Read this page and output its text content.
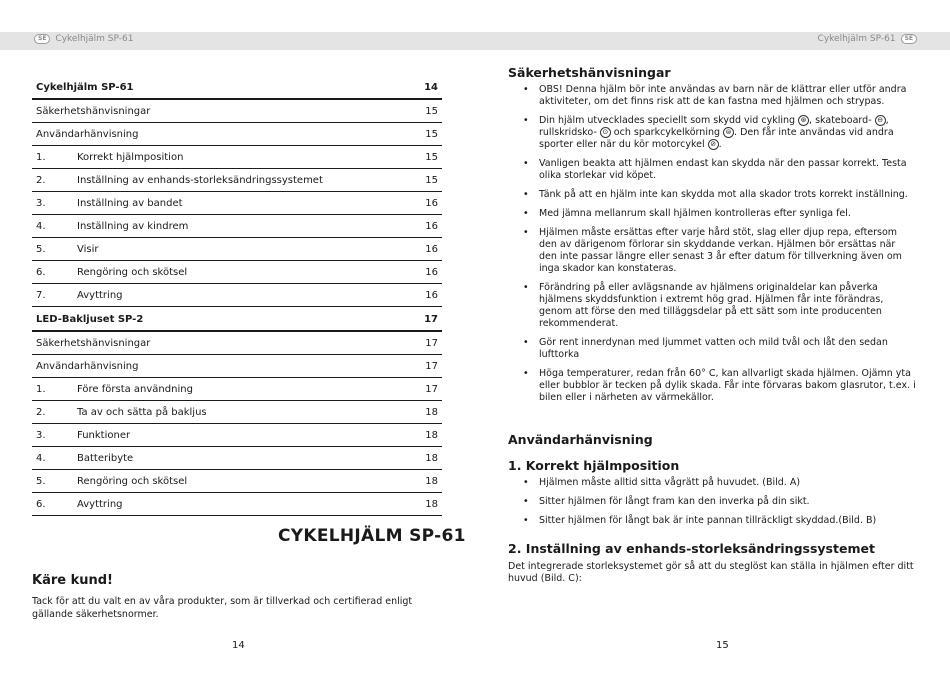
SE	Cykelhjälm SP-61	Cykelhjälm SP-61	SE
Cykelhjälm SP-61	14
Säkerhetshänvisningar	15
Användarhänvisning	15
1.	Korrekt hjälmposition	15
2.	Inställning av enhands-storleksändringssystemet	15
3.	Inställning av bandet	16
4.	Inställning av kindrem	16
5.	Visir	16
6.	Rengöring och skötsel	16
7.	Avyttring	16
LED-Bakljuset SP-2	17
Säkerhetshänvisningar	17
Användarhänvisning	17
1.	Före första användning	17
2.	Ta av och sätta på bakljus	18
3.	Funktioner	18
4.	Batteribyte	18
5.	Rengöring och skötsel	18
6.	Avyttring	18
CYKELHJÄLM SP-61
Käre kund!
Tack för att du valt en av våra produkter, som är tillverkad och certifierad enligt gällande säkerhetsnormer.
14
Säkerhetshänvisningar
• OBS! Denna hjälm bör inte användas av barn när de klättrar eller utför andra aktiviteter, om det finns risk att de kan fastna med hjälmen och strypas.
• Din hjälm utvecklades speciellt som skydd vid cykling ⊛ , skateboard- ⊖ , rullskridsko- ⊙ och sparkcykelkörning ⊜ . Den får inte användas vid andra sporter eller när du kör motorcykel ⊘ .
• Vanligen beakta att hjälmen endast kan skydda när den passar korrekt. Testa olika storlekar vid köpet.
• Tänk på att en hjälm inte kan skydda mot alla skador trots korrekt inställning.
• Med jämna mellanrum skall hjälmen kontrolleras efter synliga fel.
• Hjälmen måste ersättas efter varje hård stöt, slag eller djup repa, eftersom den av därigenom förlorar sin skyddande verkan. Hjälmen bör ersättas när den inte passar längre eller senast 3 år efter datum för tillverkning även om inga skador kan konstateras.
• Förändring på eller avlägsnande av hjälmens originaldelar kan påverka hjälmens skyddsfunktion i extremt hög grad. Hjälmen får inte förändras, genom att förse den med tilläggsdelar på ett sätt som inte producenten rekommenderat.
• Gör rent innerdynan med ljummet vatten och mild tvål och låt den sedan lufttorka
• Höga temperaturer, redan från 60° C, kan allvarligt skada hjälmen. Ojämn yta eller bubblor är tecken på dylik skada. Får inte förvaras bakom glasrutor, t.ex. i bilen eller i närheten av värmekällor.
Användarhänvisning
1. Korrekt hjälmposition
• Hjälmen måste alltid sitta vågrätt på huvudet. (Bild. A)
• Sitter hjälmen för långt fram kan den inverka på din sikt.
• Sitter hjälmen för långt bak är inte pannan tillräckligt skyddad.(Bild. B)
2. Inställning av enhands-storleksändringssystemet
Det integrerade storleksystemet gör så att du steglöst kan ställa in hjälmen efter ditt huvud (Bild. C):
15
